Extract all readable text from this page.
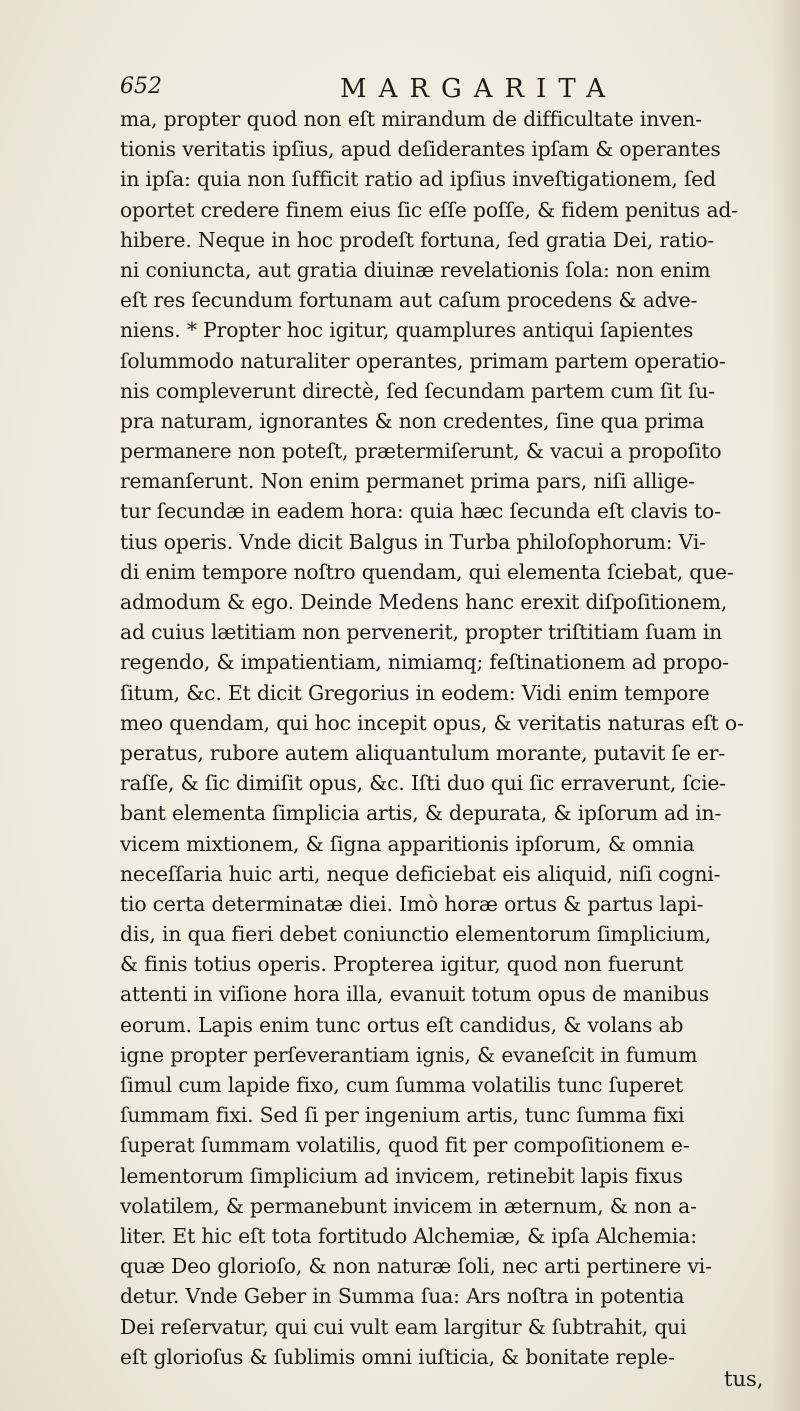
652	MARGARITA
ma, propter quod non eſt mirandum de difficultate inven-
tionis veritatis ipſius, apud deſiderantes ipſam & operantes
in ipſa: quia non ſufficit ratio ad ipſius inveſtigationem, ſed
oportet credere finem eius ſic eſſe poſſe, & fidem penitus ad-
hibere. Neque in hoc prodeſt fortuna, ſed gratia Dei, ratio-
ni coniuncta, aut gratia diuinæ revelationis ſola: non enim
eſt res ſecundum fortunam aut caſum procedens & adve-
niens. * Propter hoc igitur, quamplures antiqui ſapientes
ſolummodo naturaliter operantes, primam partem operatio-
nis compleverunt directè, ſed ſecundam partem cum ſit ſu-
pra naturam, ignorantes & non credentes, ſine qua prima
permanere non poteſt, prætermiſerunt, & vacui a propoſito
remanſerunt. Non enim permanet prima pars, niſi allige-
tur ſecundæ in eadem hora: quia hæc ſecunda eſt clavis to-
tius operis. Vnde dicit Balgus in Turba philoſophorum: Vi-
di enim tempore noſtro quendam, qui elementa ſciebat, que-
admodum & ego. Deinde Medens hanc erexit diſpoſitionem,
ad cuius lætitiam non pervenerit, propter triſtitiam ſuam in
regendo, & impatientiam, nimiamq; feſtinationem ad propo-
ſitum, &c. Et dicit Gregorius in eodem: Vidi enim tempore
meo quendam, qui hoc incepit opus, & veritatis naturas eſt o-
peratus, rubore autem aliquantulum morante, putavit ſe er-
raſſe, & ſic dimiſit opus, &c. Iſti duo qui ſic erraverunt, ſcie-
bant elementa ſimplicia artis, & depurata, & ipſorum ad in-
vicem mixtionem, & ſigna apparitionis ipſorum, & omnia
neceſſaria huic arti, neque deficiebat eis aliquid, niſi cogni-
tio certa determinatæ diei. Imò horæ ortus & partus lapi-
dis, in qua fieri debet coniunctio elementorum ſimplicium,
& finis totius operis. Propterea igitur, quod non fuerunt
attenti in viſione hora illa, evanuit totum opus de manibus
eorum. Lapis enim tunc ortus eſt candidus, & volans ab
igne propter perſeverantiam ignis, & evaneſcit in fumum
ſimul cum lapide fixo, cum ſumma volatilis tunc ſuperet
ſummam fixi. Sed ſi per ingenium artis, tunc ſumma fixi
ſuperat ſummam volatilis, quod fit per compoſitionem e-
lementorum ſimplicium ad invicem, retinebit lapis fixus
volatilem, & permanebunt invicem in æternum, & non a-
liter. Et hic eſt tota fortitudo Alchemiæ, & ipſa Alchemia:
quæ Deo glorioſo, & non naturæ ſoli, nec arti pertinere vi-
detur. Vnde Geber in Summa ſua: Ars noſtra in potentia
Dei reſervatur, qui cui vult eam largitur & ſubtrahit, qui
eſt glorioſus & ſublimis omni iuſticia, & bonitate reple-
tus,
